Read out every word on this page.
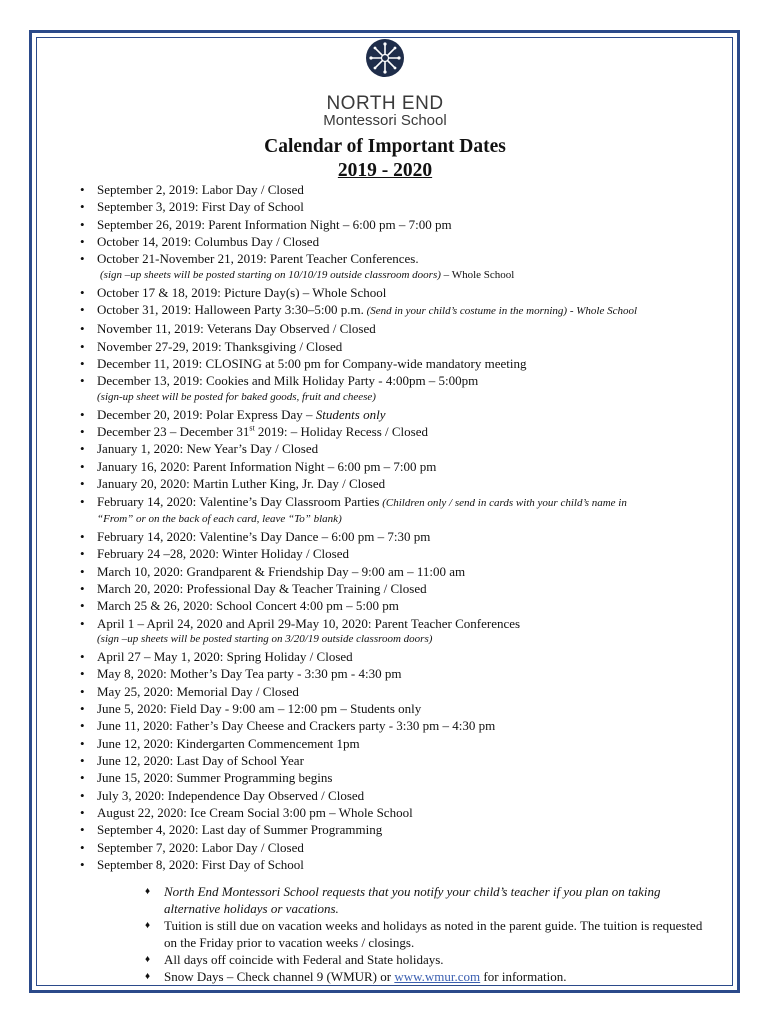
NORTH END
Montessori School
Calendar of Important Dates
2019 - 2020
• September 2, 2019: Labor Day / Closed
• September 3, 2019: First Day of School
• September 26, 2019: Parent Information Night – 6:00 pm – 7:00 pm
• October 14, 2019: Columbus Day / Closed
• October 21-November 21, 2019: Parent Teacher Conferences.
(sign –up sheets will be posted starting on 10/10/19 outside classroom doors) – Whole School
• October 17 & 18, 2019: Picture Day(s) – Whole School
• October 31, 2019: Halloween Party 3:30–5:00 p.m. (Send in your child’s costume in the morning) - Whole School
• November 11, 2019: Veterans Day Observed / Closed
• November 27-29, 2019: Thanksgiving / Closed
• December 11, 2019: CLOSING at 5:00 pm for Company-wide mandatory meeting
• December 13, 2019: Cookies and Milk Holiday Party - 4:00pm – 5:00pm
(sign-up sheet will be posted for baked goods, fruit and cheese)
• December 20, 2019: Polar Express Day – Students only
• December 23 – December 31st 2019: – Holiday Recess / Closed
• January 1, 2020: New Year’s Day / Closed
• January 16, 2020: Parent Information Night – 6:00 pm – 7:00 pm
• January 20, 2020: Martin Luther King, Jr. Day / Closed
• February 14, 2020: Valentine’s Day Classroom Parties (Children only / send in cards with your child’s name in
“From” or on the back of each card, leave “To” blank)
• February 14, 2020: Valentine’s Day Dance – 6:00 pm – 7:30 pm
• February 24 –28, 2020: Winter Holiday / Closed
• March 10, 2020: Grandparent & Friendship Day – 9:00 am – 11:00 am
• March 20, 2020: Professional Day & Teacher Training / Closed
• March 25 & 26, 2020: School Concert 4:00 pm – 5:00 pm
• April 1 – April 24, 2020 and April 29-May 10, 2020: Parent Teacher Conferences
(sign –up sheets will be posted starting on 3/20/19 outside classroom doors)
• April 27 – May 1, 2020: Spring Holiday / Closed
• May 8, 2020: Mother’s Day Tea party - 3:30 pm - 4:30 pm
• May 25, 2020: Memorial Day / Closed
• June 5, 2020: Field Day - 9:00 am – 12:00 pm – Students only
• June 11, 2020: Father’s Day Cheese and Crackers party - 3:30 pm – 4:30 pm
• June 12, 2020: Kindergarten Commencement 1pm
• June 12, 2020: Last Day of School Year
• June 15, 2020: Summer Programming begins
• July 3, 2020: Independence Day Observed / Closed
• August 22, 2020: Ice Cream Social 3:00 pm – Whole School
• September 4, 2020: Last day of Summer Programming
• September 7, 2020: Labor Day / Closed
• September 8, 2020: First Day of School
♦ North End Montessori School requests that you notify your child’s teacher if you plan on taking alternative holidays or vacations.
♦ Tuition is still due on vacation weeks and holidays as noted in the parent guide. The tuition is requested on the Friday prior to vacation weeks / closings.
♦ All days off coincide with Federal and State holidays.
♦ Snow Days – Check channel 9 (WMUR) or www.wmur.com for information.
